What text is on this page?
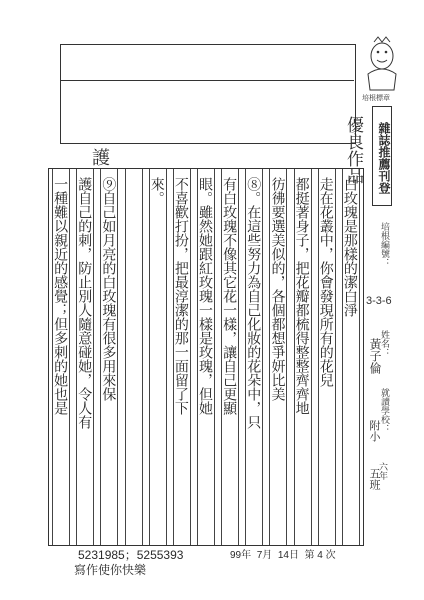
培根標章
雜誌推薦刊登
護	優良作品
培根編號：
3-3-6
姓名：
黃子倫
就讀學校：
附小
六年
五班
白玫瑰是那樣的潔白淨
走在花叢中，你會發現所有的花兒
都挺著身子，把花瓣都梳得整整齊齊地
彷彿要選美似的，各個都想爭妍比美
⑧。在這些努力為自己化妝的花朵中，只
有白玫瑰不像其它花一樣，讓自己更顯
眼。雖然她跟紅玫瑰一樣是玫瑰，但她
不喜歡打扮，把最淳潔的那一面留了下
來。
⑨自己如月亮的白玫瑰有很多用來保
護自己的刺，防止別人隨意碰她，令人有
一種難以親近的感覺；但多刺的她也是
5231985；5255393
寫作使你快樂
99年 7月 14日 第 4 次
